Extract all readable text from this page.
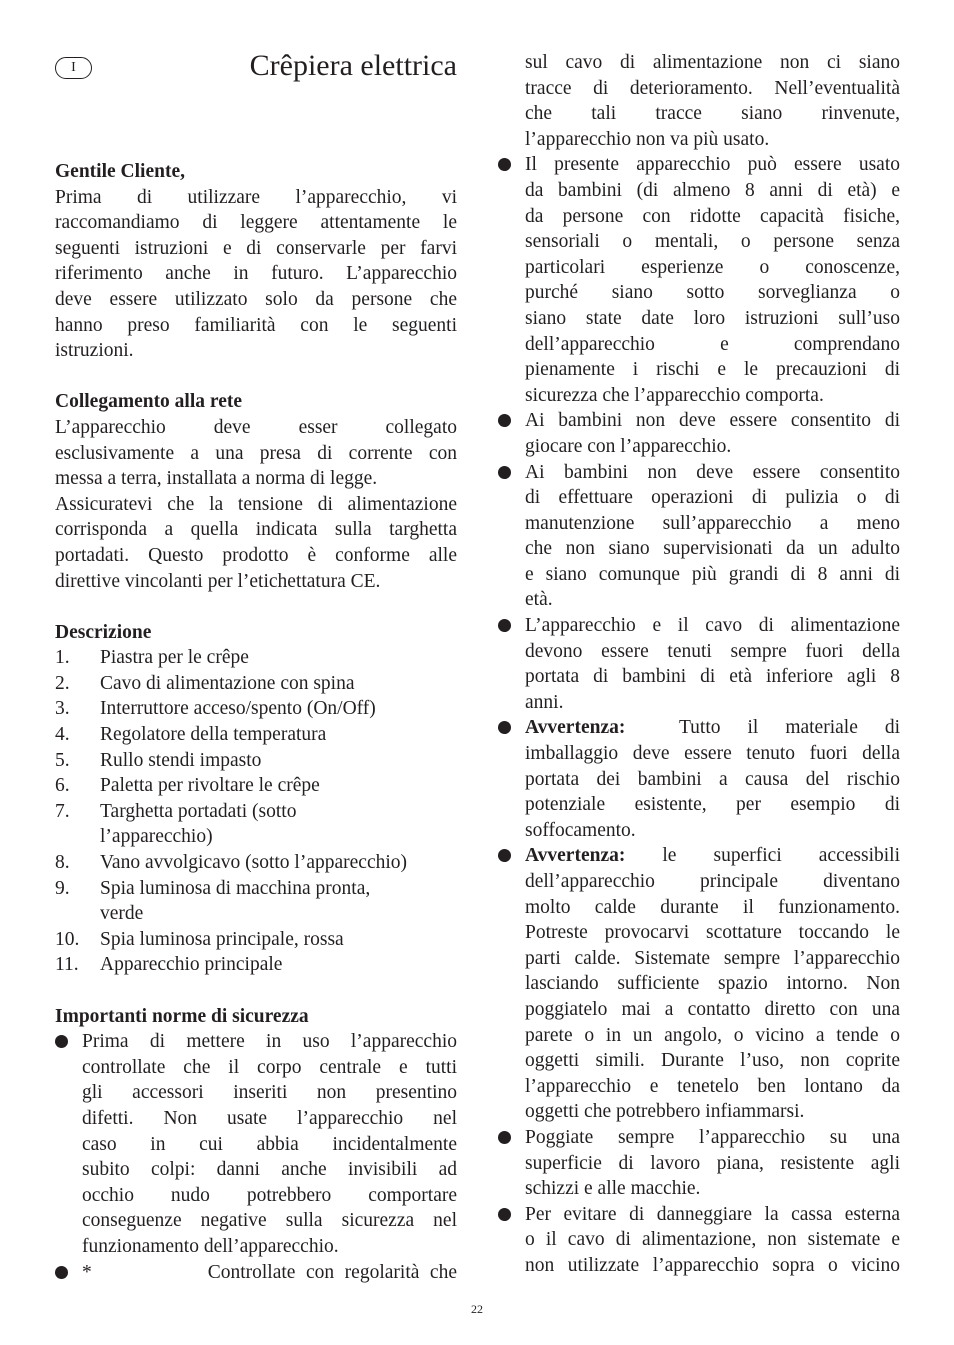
I	Crêpiera elettrica
Gentile Cliente,
Prima di utilizzare l’apparecchio, vi
raccomandiamo di leggere attentamente le
seguenti istruzioni e di conservarle per farvi
riferimento anche in futuro. L’apparecchio
deve essere utilizzato solo da persone che
hanno preso familiarità con le seguenti
istruzioni.
Collegamento alla rete
L’apparecchio deve esser collegato
esclusivamente a una presa di corrente con
messa a terra, installata a norma di legge.
Assicuratevi che la tensione di alimentazione
corrisponda a quella indicata sulla targhetta
portadati. Questo prodotto è conforme alle
direttive vincolanti per l’etichettatura CE.
Descrizione
1.	Piastra per le crêpe
2.	Cavo di alimentazione con spina
3.	Interruttore acceso/spento (On/Off)
4.	Regolatore della temperatura
5.	Rullo stendi impasto
6.	Paletta per rivoltare le crêpe
7.	Targhetta portadati (sotto
l’apparecchio)
8.	Vano avvolgicavo (sotto l’apparecchio)
9.	Spia luminosa di macchina pronta,
verde
10.	Spia luminosa principale, rossa
11.	Apparecchio principale
Importanti norme di sicurezza
Prima di mettere in uso l’apparecchio
controllate che il corpo centrale e tutti
gli accessori inseriti non presentino
difetti. Non usate l’apparecchio nel
caso in cui abbia incidentalmente
subito colpi: danni anche invisibili ad
occhio nudo potrebbero comportare
conseguenze negative sulla sicurezza nel
funzionamento dell’apparecchio.
*           Controllate con regolarità che
sul cavo di alimentazione non ci siano
tracce di deterioramento. Nell’eventualità
che tali tracce siano rinvenute,
l’apparecchio non va più usato.
Il presente apparecchio può essere usato
da bambini (di almeno 8 anni di età) e
da persone con ridotte capacità fisiche,
sensoriali o mentali, o persone senza
particolari esperienze o conoscenze,
purché siano sotto sorveglianza o
siano state date loro istruzioni sull’uso
dell’apparecchio e comprendano
pienamente i rischi e le precauzioni di
sicurezza che l’apparecchio comporta.
Ai bambini non deve essere consentito di
giocare con l’apparecchio.
Ai bambini non deve essere consentito
di effettuare operazioni di pulizia o di
manutenzione sull’apparecchio a meno
che non siano supervisionati da un adulto
e siano comunque più grandi di 8 anni di
età.
L’apparecchio e il cavo di alimentazione
devono essere tenuti sempre fuori della
portata di bambini di età inferiore agli 8
anni.
Avvertenza:  Tutto il materiale di
imballaggio deve essere tenuto fuori della
portata dei bambini a causa del rischio
potenziale esistente, per esempio di
soffocamento.
Avvertenza: le superfici accessibili
dell’apparecchio principale diventano
molto calde durante il funzionamento.
Potreste provocarvi scottature toccando le
parti calde. Sistemate sempre l’apparecchio
lasciando sufficiente spazio intorno. Non
poggiatelo mai a contatto diretto con una
parete o in un angolo, o vicino a tende o
oggetti simili. Durante l’uso, non coprite
l’apparecchio e tenetelo ben lontano da
oggetti che potrebbero infiammarsi.
Poggiate sempre l’apparecchio su una
superficie di lavoro piana, resistente agli
schizzi e alle macchie.
Per evitare di danneggiare la cassa esterna
o il cavo di alimentazione, non sistemate e
non utilizzate l’apparecchio sopra o vicino
22
